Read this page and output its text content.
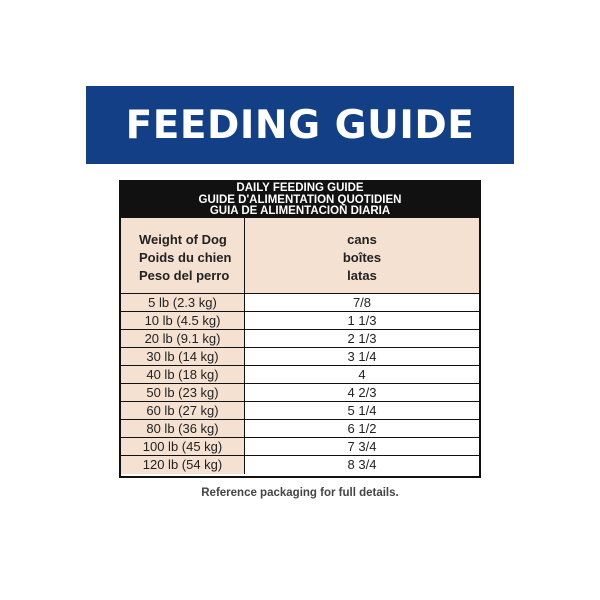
FEEDING GUIDE
DAILY FEEDING GUIDE
GUIDE D'ALIMENTATION QUOTIDIEN
GUIA DE ALIMENTACION DIARIA
Weight of Dog
Poids du chien
Peso del perro
cans
boîtes
latas
5 lb (2.3 kg)	7/8
10 lb (4.5 kg)	1 1/3
20 lb (9.1 kg)	2 1/3
30 lb (14 kg)	3 1/4
40 lb (18 kg)	4
50 lb (23 kg)	4 2/3
60 lb (27 kg)	5 1/4
80 lb (36 kg)	6 1/2
100 lb (45 kg)	7 3/4
120 lb (54 kg)	8 3/4
Reference packaging for full details.
